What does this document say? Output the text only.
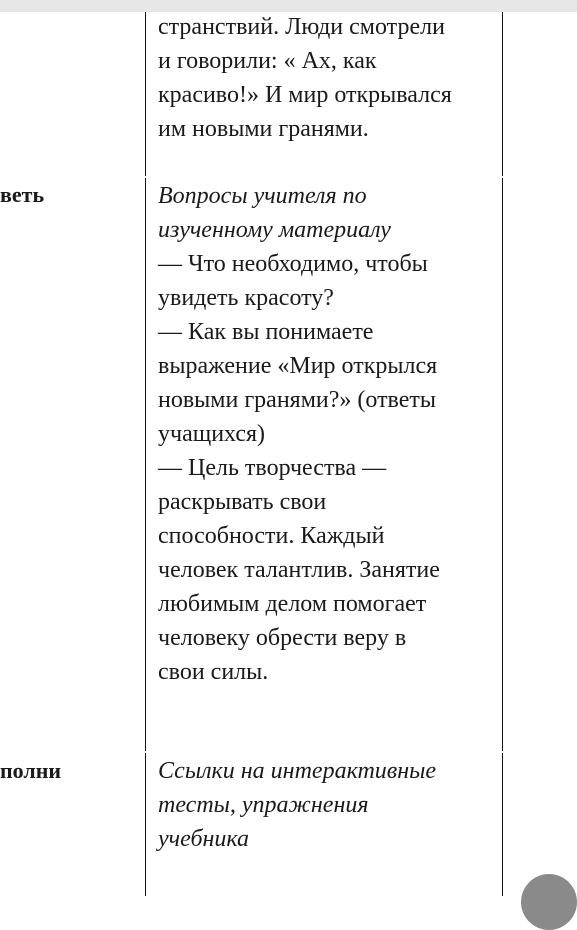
странствий. Люди смотрели

и говорили: « Ах, как

красиво!» И мир открывался

им новыми гранями.

веть	Вопросы учителя по

изученному материалу

— Что необходимо, чтобы

увидеть красоту?

— Как вы понимаете

выражение «Мир открылся

новыми гранями?» (ответы

учащихся)

— Цель творчества —

раскрывать свои

способности. Каждый

человек талантлив. Занятие

любимым делом помогает

человеку обрести веру в

свои силы.

полни	Ссылки на интерактивные

тесты, упражнения

учебника
